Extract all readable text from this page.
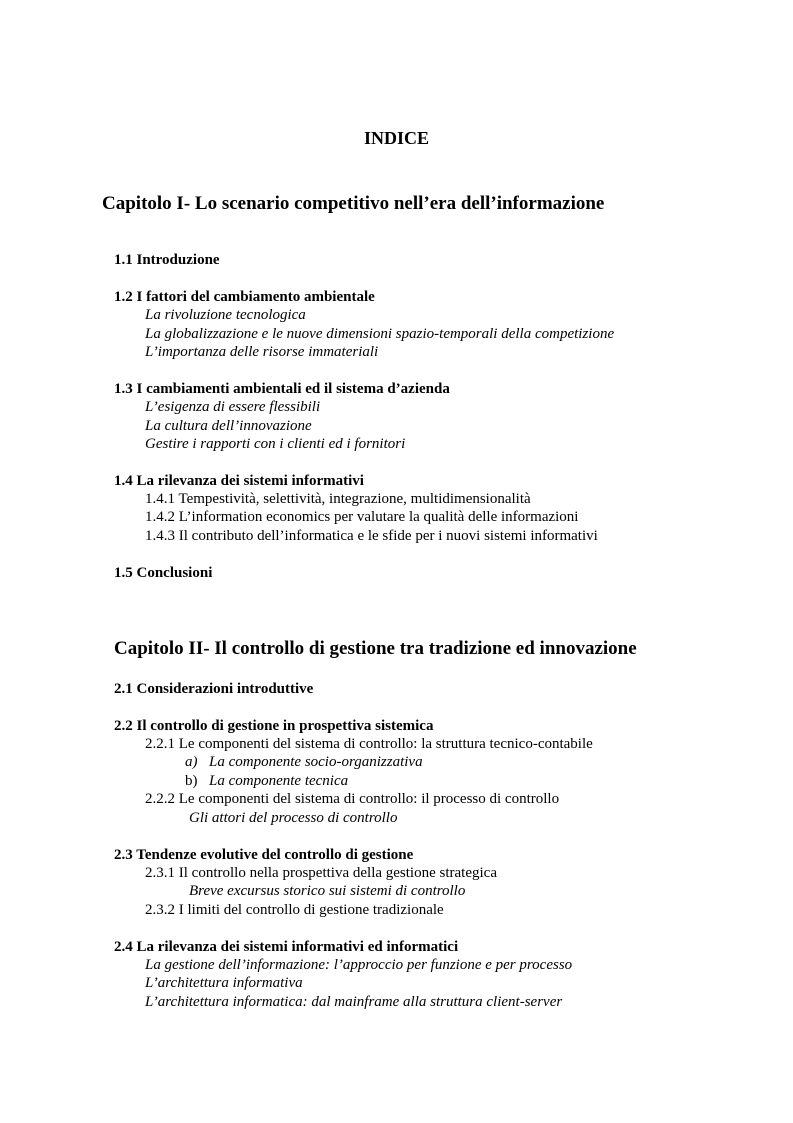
INDICE
Capitolo I- Lo scenario competitivo nell’era dell’informazione
1.1 Introduzione
1.2 I fattori del cambiamento ambientale
La rivoluzione tecnologica
La globalizzazione e le nuove dimensioni spazio-temporali della competizione
L’importanza delle risorse immateriali
1.3 I cambiamenti ambientali ed il sistema d’azienda
L’esigenza di essere flessibili
La cultura dell’innovazione
Gestire i rapporti con i clienti ed i fornitori
1.4 La rilevanza dei sistemi informativi
1.4.1 Tempestività, selettività, integrazione, multidimensionalità
1.4.2 L’information economics per valutare la qualità delle informazioni
1.4.3 Il contributo dell’informatica e le sfide per i nuovi sistemi informativi
1.5 Conclusioni
Capitolo II- Il controllo di gestione tra tradizione ed innovazione
2.1 Considerazioni introduttive
2.2 Il controllo di gestione in prospettiva sistemica
2.2.1 Le componenti del sistema di controllo: la struttura tecnico-contabile
a) La componente socio-organizzativa
b) La componente tecnica
2.2.2 Le componenti del sistema di controllo: il processo di controllo
Gli attori del processo di controllo
2.3 Tendenze evolutive del controllo di gestione
2.3.1 Il controllo nella prospettiva della gestione strategica
Breve excursus storico sui sistemi di controllo
2.3.2 I limiti del controllo di gestione tradizionale
2.4 La rilevanza dei sistemi informativi ed informatici
La gestione dell’informazione: l’approccio per funzione e per processo
L’architettura informativa
L’architettura informatica: dal mainframe alla struttura client-server
